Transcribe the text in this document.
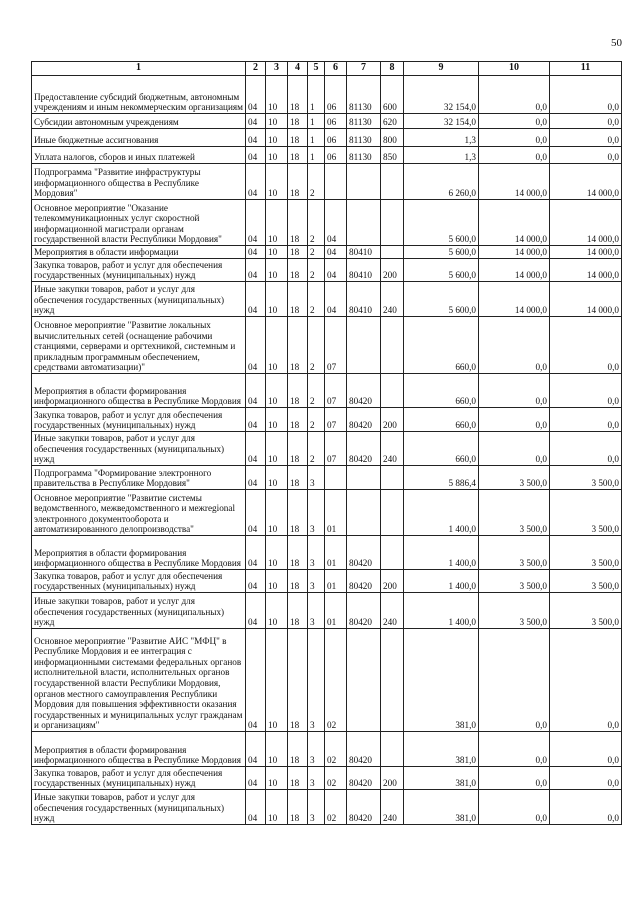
50
1	2	3	4	5	6	7	8	9	10	11
Предоставление субсидий бюджетным, автономным учреждениям и иным некоммерческим организациям	04	10	18	1	06	81130	600	32 154,0	0,0	0,0
Субсидии автономным учреждениям	04	10	18	1	06	81130	620	32 154,0	0,0	0,0
Иные бюджетные ассигнования	04	10	18	1	06	81130	800	1,3	0,0	0,0
Уплата налогов, сборов и иных платежей	04	10	18	1	06	81130	850	1,3	0,0	0,0
Подпрограмма "Развитие инфраструктуры информационного общества в Республике Мордовия"	04	10	18	2				6 260,0	14 000,0	14 000,0
Основное мероприятие "Оказание телекоммуникационных услуг скоростной информационной магистрали органам государственной власти Республики Мордовия"	04	10	18	2	04			5 600,0	14 000,0	14 000,0
Мероприятия в области информации	04	10	18	2	04	80410		5 600,0	14 000,0	14 000,0
Закупка товаров, работ и услуг для обеспечения государственных (муниципальных) нужд	04	10	18	2	04	80410	200	5 600,0	14 000,0	14 000,0
Иные закупки товаров, работ и услуг для обеспечения государственных (муниципальных) нужд	04	10	18	2	04	80410	240	5 600,0	14 000,0	14 000,0
Основное мероприятие "Развитие локальных вычислительных сетей (оснащение рабочими станциями, серверами и оргтехникой, системным и прикладным программным обеспечением, средствами автоматизации)"	04	10	18	2	07			660,0	0,0	0,0
Мероприятия в области формирования информационного общества в Республике Мордовия	04	10	18	2	07	80420		660,0	0,0	0,0
Закупка товаров, работ и услуг для обеспечения государственных (муниципальных) нужд	04	10	18	2	07	80420	200	660,0	0,0	0,0
Иные закупки товаров, работ и услуг для обеспечения государственных (муниципальных) нужд	04	10	18	2	07	80420	240	660,0	0,0	0,0
Подпрограмма "Формирование электронного правительства в Республике Мордовия"	04	10	18	3				5 886,4	3 500,0	3 500,0
Основное мероприятие "Развитие системы ведомственного, межведомственного и межregional электронного документооборота и автоматизированного делопроизводства"	04	10	18	3	01			1 400,0	3 500,0	3 500,0
Мероприятия в области формирования информационного общества в Республике Мордовия	04	10	18	3	01	80420		1 400,0	3 500,0	3 500,0
Закупка товаров, работ и услуг для обеспечения государственных (муниципальных) нужд	04	10	18	3	01	80420	200	1 400,0	3 500,0	3 500,0
Иные закупки товаров, работ и услуг для обеспечения государственных (муниципальных) нужд	04	10	18	3	01	80420	240	1 400,0	3 500,0	3 500,0
Основное мероприятие "Развитие АИС "МФЦ" в Республике Мордовия и ее интеграция с информационными системами федеральных органов исполнительной власти, исполнительных органов государственной власти Республики Мордовия, органов местного самоуправления Республики Мордовия для повышения эффективности оказания государственных и муниципальных услуг гражданам и организациям"	04	10	18	3	02			381,0	0,0	0,0
Мероприятия в области формирования информационного общества в Республике Мордовия	04	10	18	3	02	80420		381,0	0,0	0,0
Закупка товаров, работ и услуг для обеспечения государственных (муниципальных) нужд	04	10	18	3	02	80420	200	381,0	0,0	0,0
Иные закупки товаров, работ и услуг для обеспечения государственных (муниципальных) нужд	04	10	18	3	02	80420	240	381,0	0,0	0,0
